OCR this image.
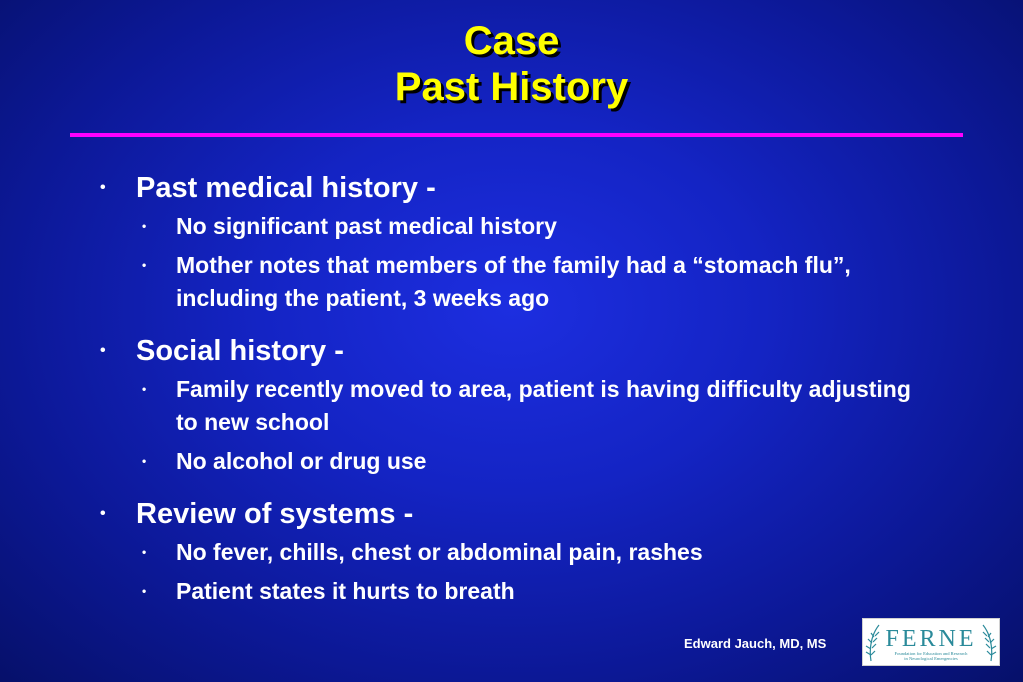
Case
Past History
•	Past medical history -
•	No significant past medical history
•	Mother notes that members of the family had a “stomach flu”, including the patient, 3 weeks ago
•	Social history -
•	Family recently moved to area, patient is having difficulty adjusting to new school
•	No alcohol or drug use
•	Review of systems -
•	No fever, chills, chest or abdominal pain, rashes
•	Patient states it hurts to breath
Edward Jauch, MD, MS FERNE
Foundation for Education and Research
in Neurological Emergencies
